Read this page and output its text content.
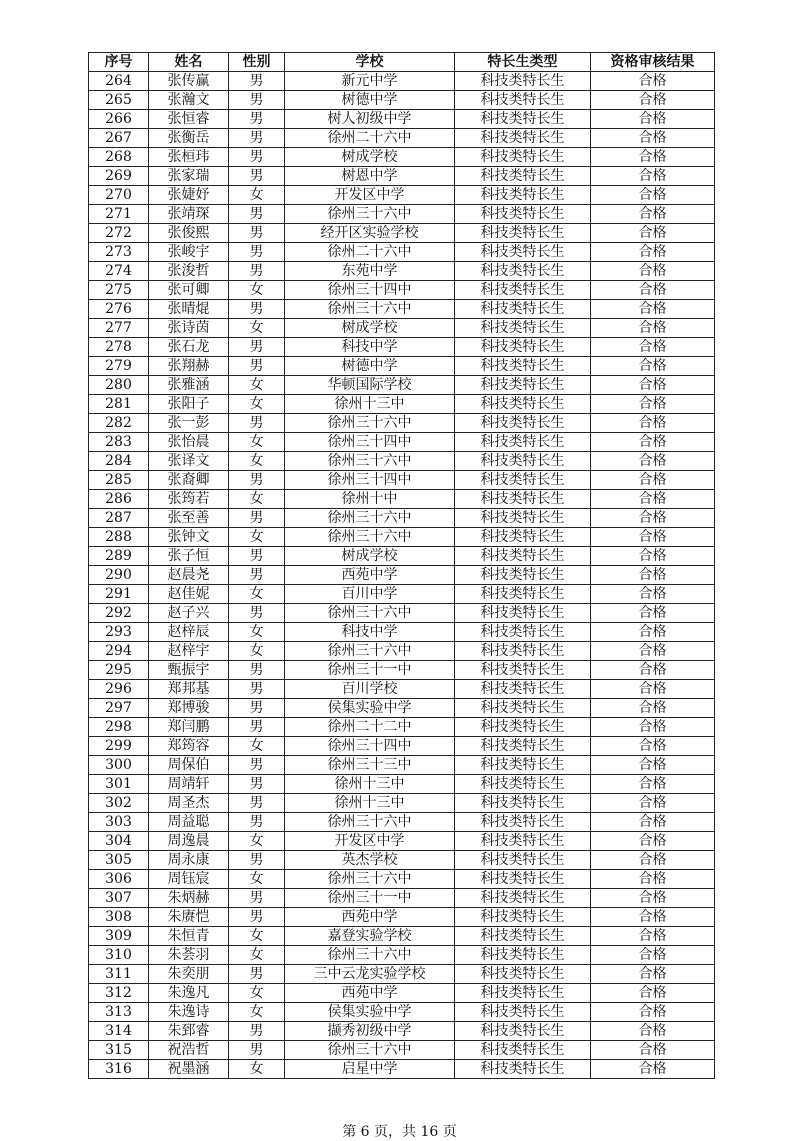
序号	姓名	性别	学校	特长生类型	资格审核结果
264	张传赢	男	新元中学	科技类特长生	合格
265	张瀚文	男	树德中学	科技类特长生	合格
266	张恒睿	男	树人初级中学	科技类特长生	合格
267	张衡岳	男	徐州二十六中	科技类特长生	合格
268	张桓玮	男	树成学校	科技类特长生	合格
269	张家瑞	男	树恩中学	科技类特长生	合格
270	张婕妤	女	开发区中学	科技类特长生	合格
271	张靖琛	男	徐州三十六中	科技类特长生	合格
272	张俊熙	男	经开区实验学校	科技类特长生	合格
273	张峻宇	男	徐州二十六中	科技类特长生	合格
274	张浚哲	男	东苑中学	科技类特长生	合格
275	张可卿	女	徐州三十四中	科技类特长生	合格
276	张晴焜	男	徐州三十六中	科技类特长生	合格
277	张诗茵	女	树成学校	科技类特长生	合格
278	张石龙	男	科技中学	科技类特长生	合格
279	张翔赫	男	树德中学	科技类特长生	合格
280	张雅涵	女	华顿国际学校	科技类特长生	合格
281	张阳子	女	徐州十三中	科技类特长生	合格
282	张一彭	男	徐州三十六中	科技类特长生	合格
283	张怡晨	女	徐州三十四中	科技类特长生	合格
284	张译文	女	徐州三十六中	科技类特长生	合格
285	张裔卿	男	徐州三十四中	科技类特长生	合格
286	张筠若	女	徐州十中	科技类特长生	合格
287	张至善	男	徐州三十六中	科技类特长生	合格
288	张钟文	女	徐州三十六中	科技类特长生	合格
289	张子恒	男	树成学校	科技类特长生	合格
290	赵晨尧	男	西苑中学	科技类特长生	合格
291	赵佳妮	女	百川中学	科技类特长生	合格
292	赵子兴	男	徐州三十六中	科技类特长生	合格
293	赵梓辰	女	科技中学	科技类特长生	合格
294	赵梓宇	女	徐州三十六中	科技类特长生	合格
295	甄振宇	男	徐州三十一中	科技类特长生	合格
296	郑邦基	男	百川学校	科技类特长生	合格
297	郑博骏	男	侯集实验中学	科技类特长生	合格
298	郑闫鹏	男	徐州二十二中	科技类特长生	合格
299	郑筠容	女	徐州三十四中	科技类特长生	合格
300	周保伯	男	徐州三十三中	科技类特长生	合格
301	周靖轩	男	徐州十三中	科技类特长生	合格
302	周圣杰	男	徐州十三中	科技类特长生	合格
303	周益聪	男	徐州三十六中	科技类特长生	合格
304	周逸晨	女	开发区中学	科技类特长生	合格
305	周永康	男	英杰学校	科技类特长生	合格
306	周钰宸	女	徐州三十六中	科技类特长生	合格
307	朱炳赫	男	徐州三十一中	科技类特长生	合格
308	朱赓恺	男	西苑中学	科技类特长生	合格
309	朱恒青	女	嘉登实验学校	科技类特长生	合格
310	朱荟羽	女	徐州三十六中	科技类特长生	合格
311	朱奕朋	男	三中云龙实验学校	科技类特长生	合格
312	朱逸凡	女	西苑中学	科技类特长生	合格
313	朱逸诗	女	侯集实验中学	科技类特长生	合格
314	朱郅睿	男	撷秀初级中学	科技类特长生	合格
315	祝浩哲	男	徐州三十六中	科技类特长生	合格
316	祝墨涵	女	启星中学	科技类特长生	合格
第 6 页，共 16 页
